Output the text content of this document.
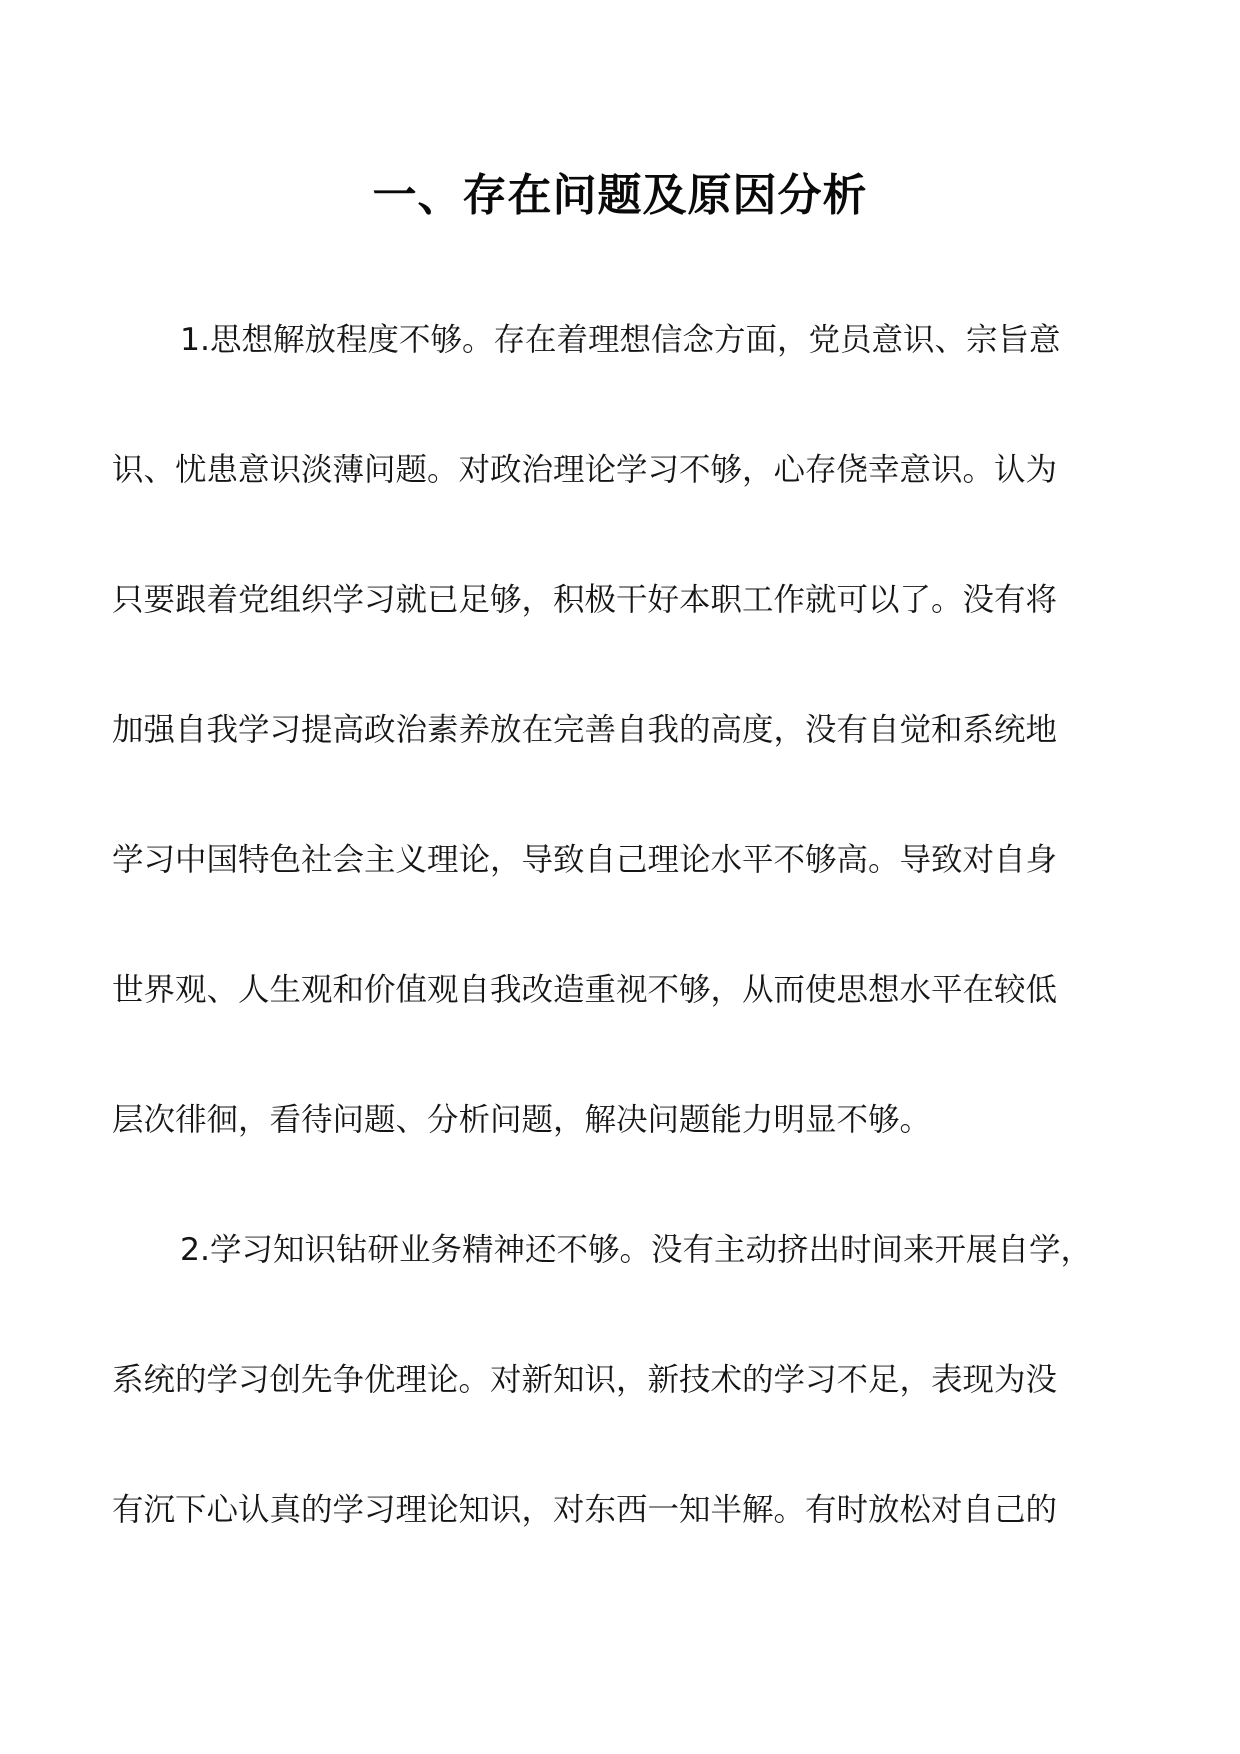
一、存在问题及原因分析
1.思想解放程度不够。存在着理想信念方面，党员意识、宗旨意
识、忧患意识淡薄问题。对政治理论学习不够，心存侥幸意识。认为
只要跟着党组织学习就已足够，积极干好本职工作就可以了。没有将
加强自我学习提高政治素养放在完善自我的高度，没有自觉和系统地
学习中国特色社会主义理论，导致自己理论水平不够高。导致对自身
世界观、人生观和价值观自我改造重视不够，从而使思想水平在较低
层次徘徊，看待问题、分析问题，解决问题能力明显不够。
2.学习知识钻研业务精神还不够。没有主动挤出时间来开展自学，
系统的学习创先争优理论。对新知识，新技术的学习不足，表现为没
有沉下心认真的学习理论知识，对东西一知半解。有时放松对自己的
